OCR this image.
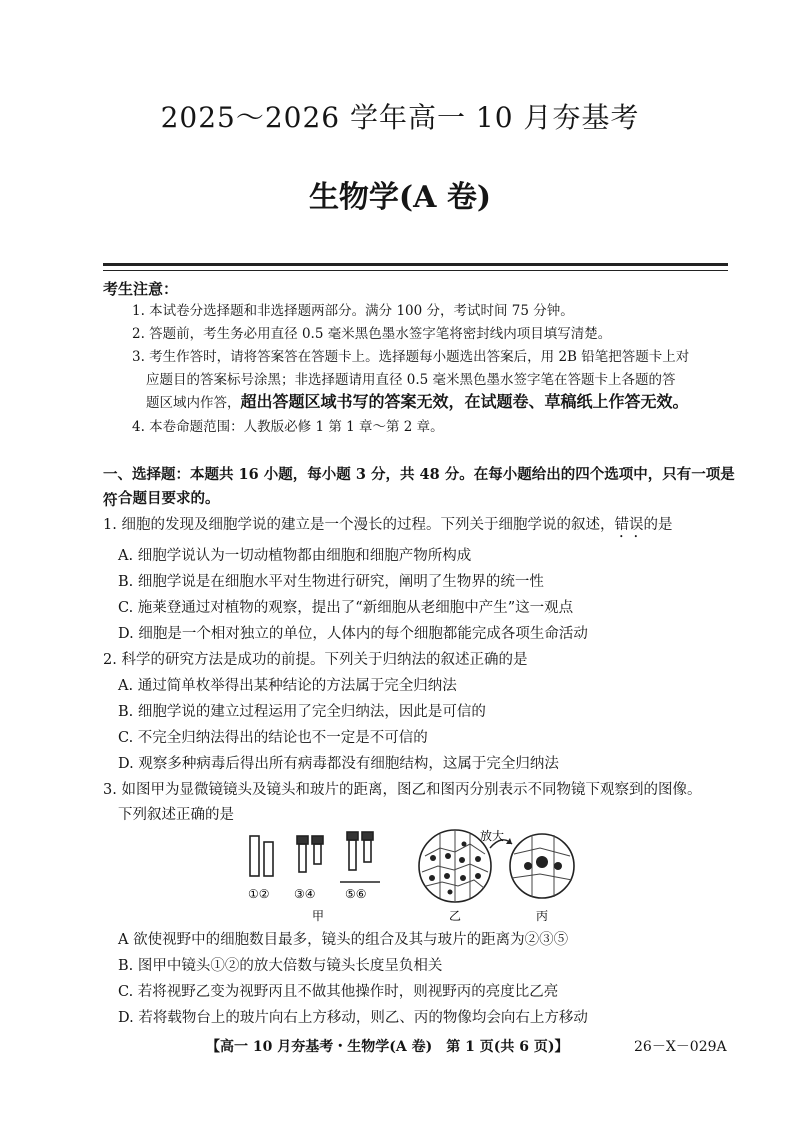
2025～2026 学年高一 10 月夯基考
生物学(A 卷)
考生注意：
1. 本试卷分选择题和非选择题两部分。满分 100 分，考试时间 75 分钟。
2. 答题前，考生务必用直径 0.5 毫米黑色墨水签字笔将密封线内项目填写清楚。
3. 考生作答时，请将答案答在答题卡上。选择题每小题选出答案后，用 2B 铅笔把答题卡上对
应题目的答案标号涂黑；非选择题请用直径 0.5 毫米黑色墨水签字笔在答题卡上各题的答
题区域内作答，超出答题区域书写的答案无效，在试题卷、草稿纸上作答无效。
4. 本卷命题范围：人教版必修 1 第 1 章～第 2 章。
一、选择题：本题共 16 小题，每小题 3 分，共 48 分。在每小题给出的四个选项中，只有一项是符 合题目要求的。
1. 细胞的发现及细胞学说的建立是一个漫长的过程。下列关于细胞学说的叙述，错误的是
A. 细胞学说认为一切动植物都由细胞和细胞产物所构成
B. 细胞学说是在细胞水平对生物进行研究，阐明了生物界的统一性
C. 施莱登通过对植物的观察，提出了“新细胞从老细胞中产生”这一观点
D. 细胞是一个相对独立的单位，人体内的每个细胞都能完成各项生命活动
2. 科学的研究方法是成功的前提。下列关于归纳法的叙述正确的是
A. 通过简单枚举得出某种结论的方法属于完全归纳法
B. 细胞学说的建立过程运用了完全归纳法，因此是可信的
C. 不完全归纳法得出的结论也不一定是不可信的
D. 观察多种病毒后得出所有病毒都没有细胞结构，这属于完全归纳法
3. 如图甲为显微镜镜头及镜头和玻片的距离，图乙和图丙分别表示不同物镜下观察到的图像。
下列叙述正确的是
①② ③④ ⑤⑥
甲
放大
乙	丙
A 欲使视野中的细胞数目最多，镜头的组合及其与玻片的距离为②③⑤
B. 图甲中镜头①②的放大倍数与镜头长度呈负相关
C. 若将视野乙变为视野丙且不做其他操作时，则视野丙的亮度比乙亮
D. 若将载物台上的玻片向右上方移动，则乙、丙的物像均会向右上方移动
【高一 10 月夯基考・生物学(A 卷)　第 1 页(共 6 页)】	26－X－029A
